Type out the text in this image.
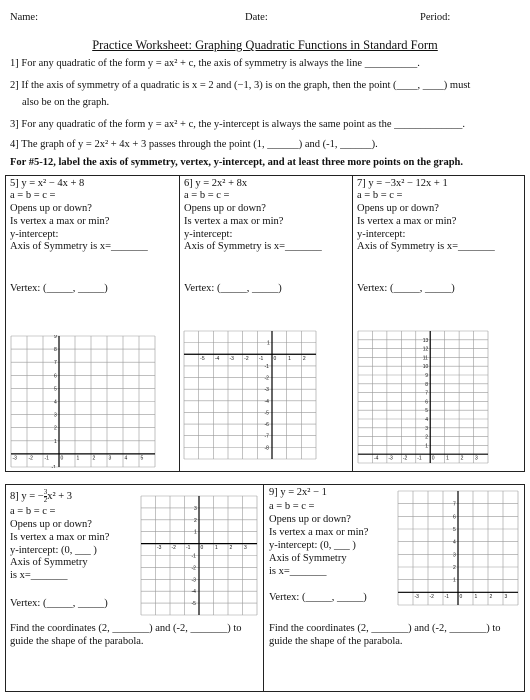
Name:	Date:	Period:
Practice Worksheet: Graphing Quadratic Functions in Standard Form
1] For any quadratic of the form y = ax² + c, the axis of symmetry is always the line __________.
2] If the axis of symmetry of a quadratic is x = 2 and (−1, 3) is on the graph, then the point (____, ____) must
also be on the graph.
3] For any quadratic of the form y = ax² + c, the y-intercept is always the same point as the _____________.
4] The graph of y = 2x² + 4x + 3 passes through the point (1, ______) and (-1, ______).
For #5-12, label the axis of symmetry, vertex, y-intercept, and at least three more points on the graph.
5] y = x² − 4x + 8
a = b = c =
Opens up or down?
Is vertex a max or min?
y-intercept:
Axis of Symmetry is x=_______
Vertex: (_____, _____)
6] y = 2x² + 8x
a = b = c =
Opens up or down?
Is vertex a max or min?
y-intercept:
Axis of Symmetry is x=_______
Vertex: (_____, _____)
7] y = −3x² − 12x + 1
a = b = c =
Opens up or down?
Is vertex a max or min?
y-intercept:
Axis of Symmetry is x=_______
Vertex: (_____, _____)
8] y = − $\frac{3}{2} x^2 + 3$
a = b = c =
Opens up or down?
Is vertex a max or min?
y-intercept: (0, ___ )
Axis of Symmetry
is x=_______
Vertex: (_____, _____)
Find the coordinates (2, _______) and (-2, _______) to
guide the shape of the parabola.
9] y = 2x² − 1
a = b = c =
Opens up or down?
Is vertex a max or min?
y-intercept: (0, ___ )
Axis of Symmetry
is x=_______
Vertex: (_____, _____)
Find the coordinates (2, _______) and (-2, _______) to
guide the shape of the parabola.
-3 -2 -1 0	1	2	3	4	5
9
8
7
6
5
4
3
2
1
-1
-5 -4 -3 -2 -1 0 1 2
1
-1
-2
-3
-4
-5
-6
-7
-8
-4 -3 -2 -1 0 1 2 3
13
12
11
10
9
8
7
6
5
4
3
2
1
-3 -2 -1 0 1 2 3
3
2
1
-1
-2
-3
-4
-5
-3 -2 -1 0 1 2 3
7
6
5
4
3
2
1
